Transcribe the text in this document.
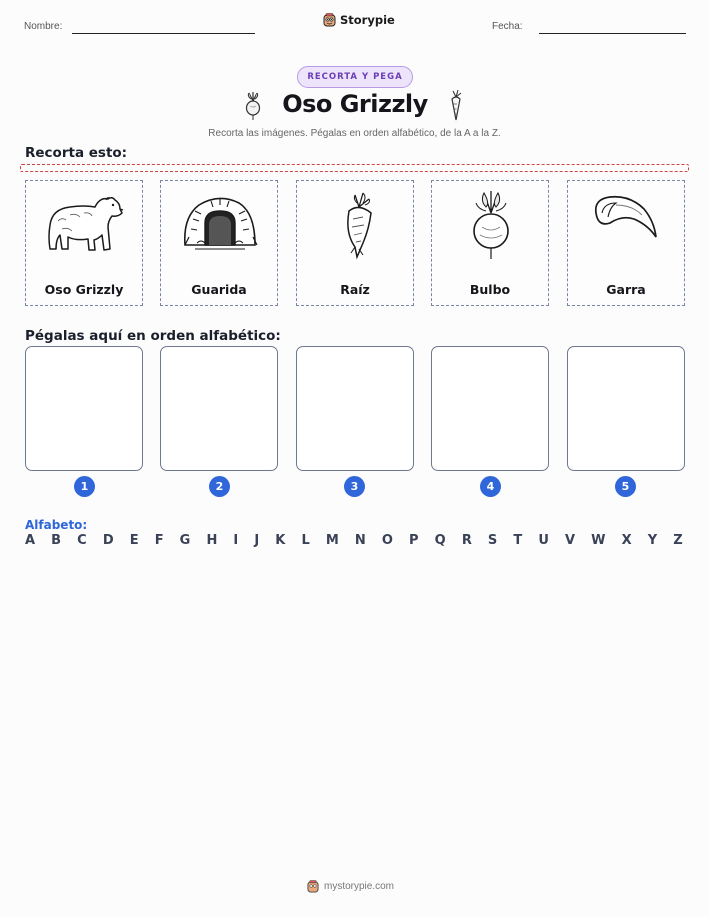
Nombre:	Storypie	Fecha:
RECORTA Y PEGA
Oso Grizzly
Recorta las imágenes. Pégalas en orden alfabético, de la A a la Z.
Recorta esto:
Oso Grizzly	Guarida	Raíz	Bulbo	Garra
Pégalas aquí en orden alfabético:
1	2	3	4	5
Alfabeto:
A B C D E F G H I J K L M N O P Q R S T U V W X Y Z
mystorypie.com
